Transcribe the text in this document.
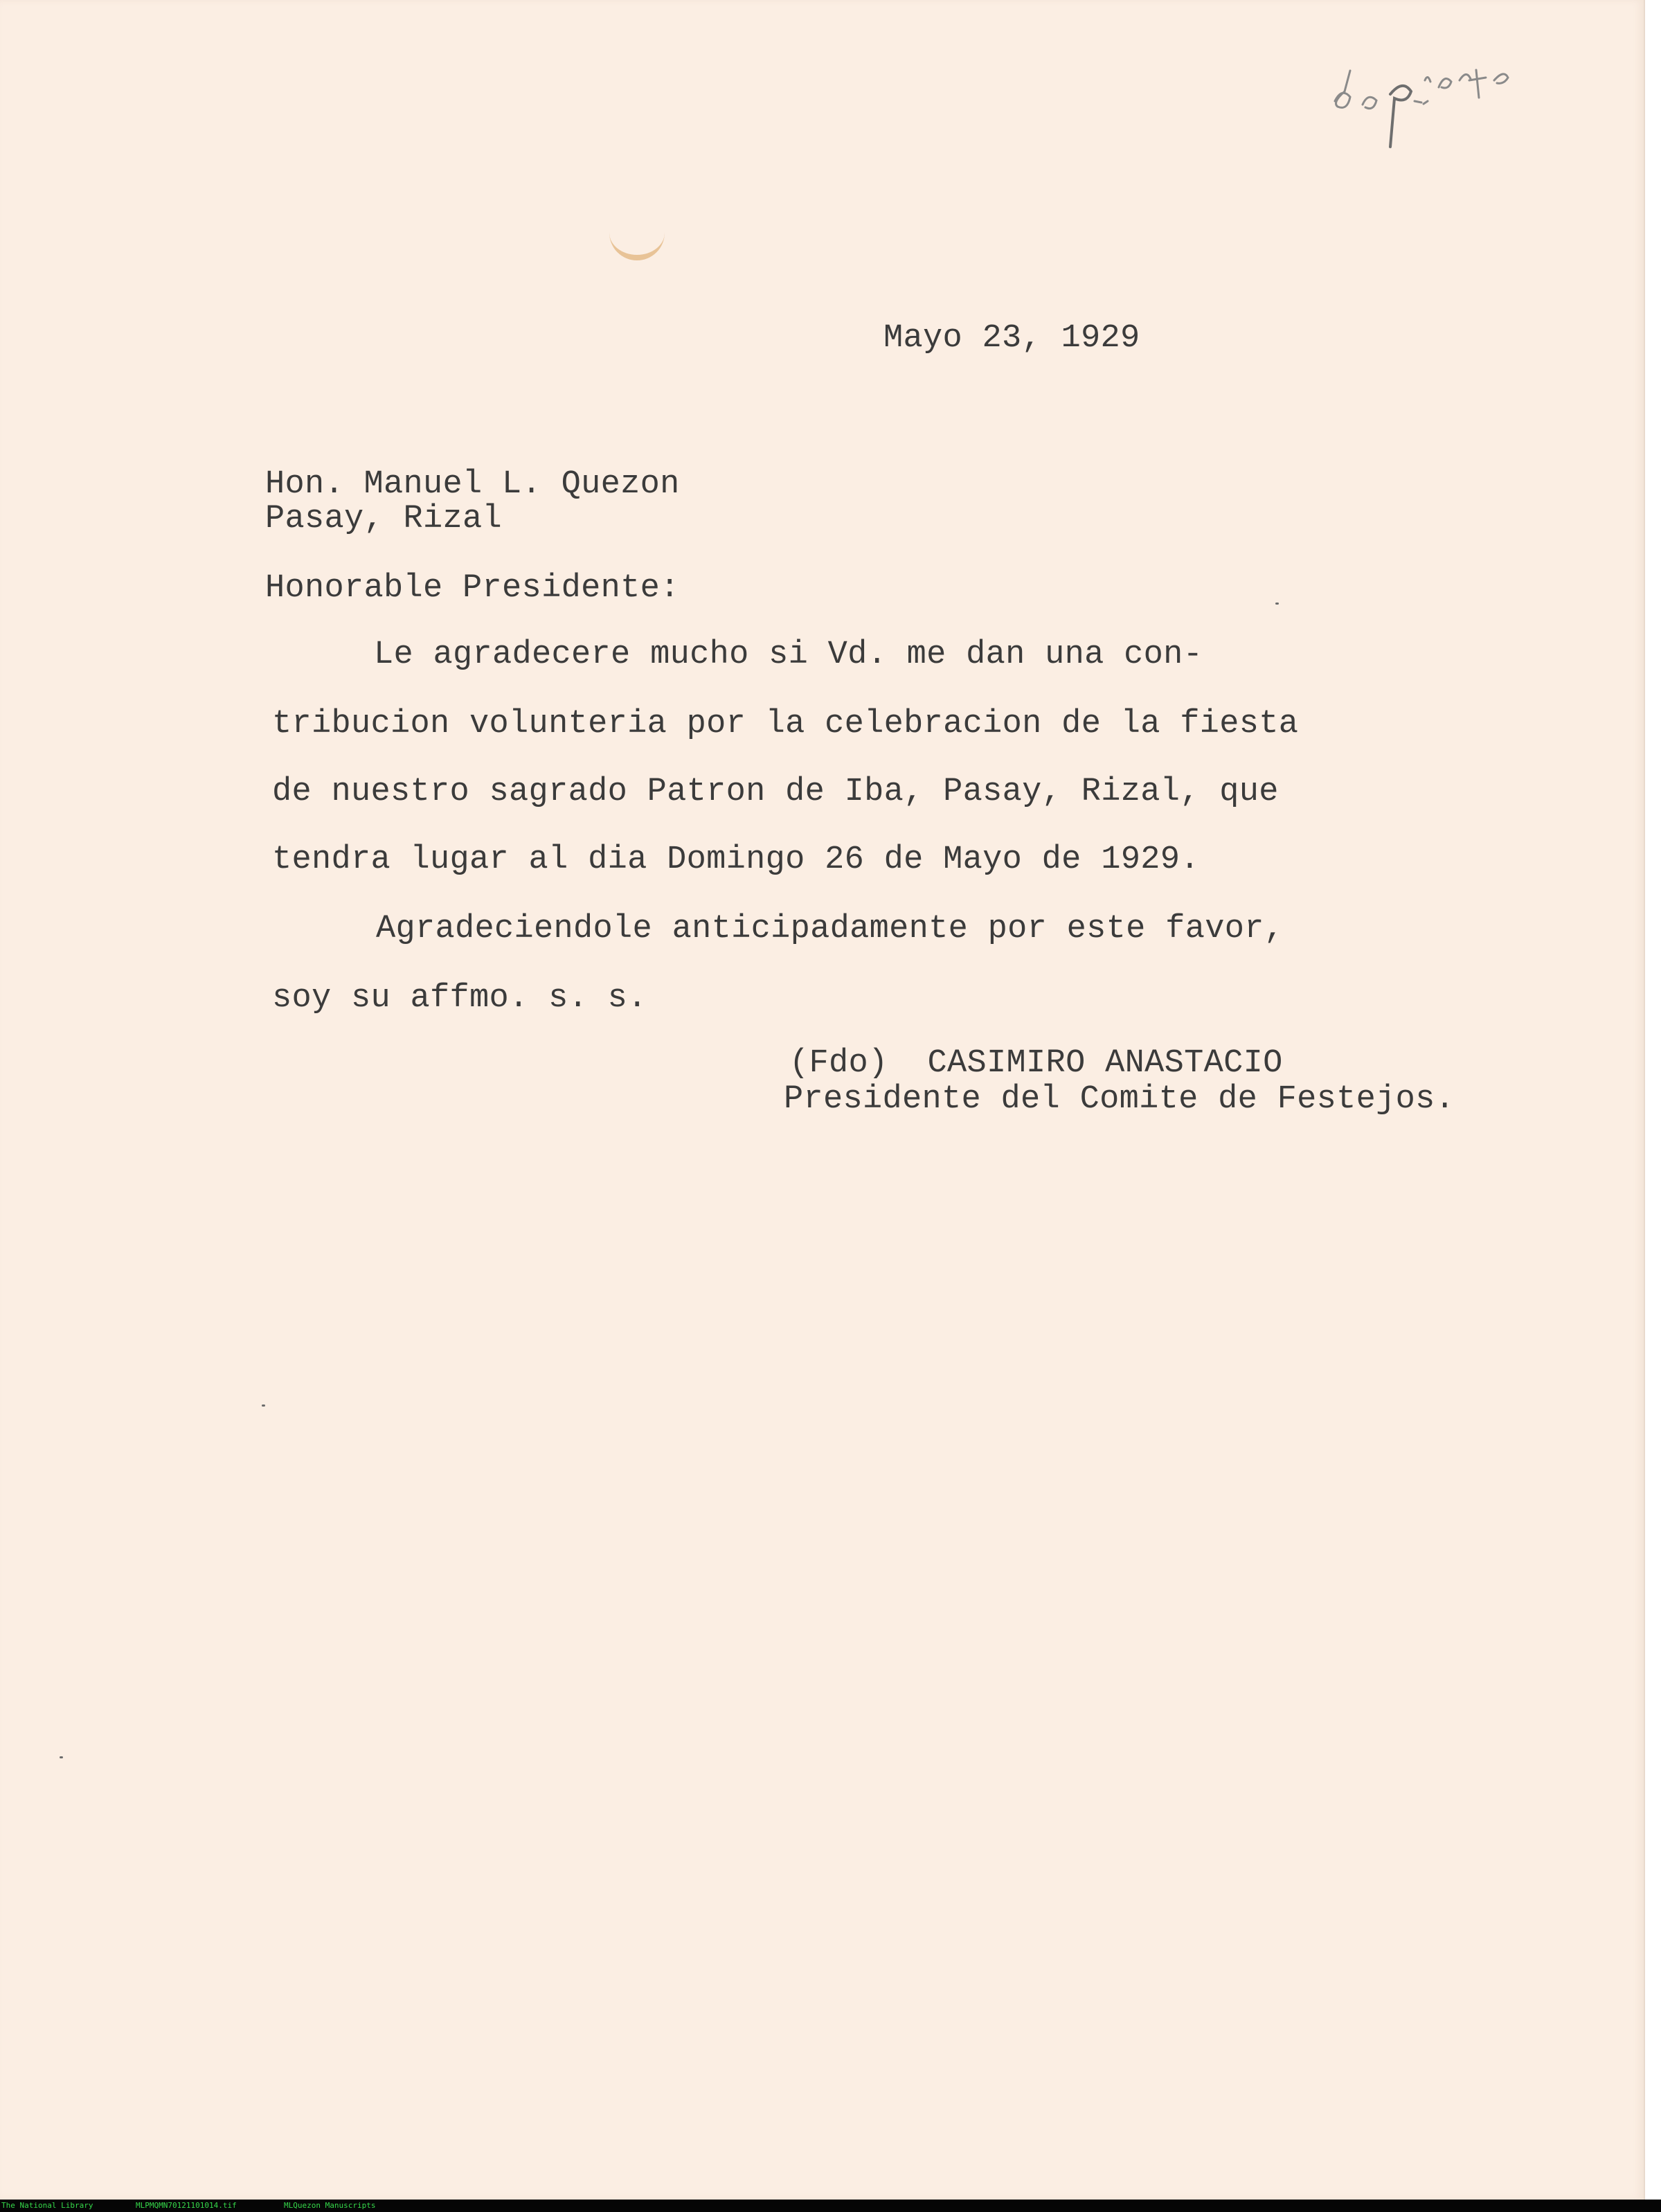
Mayo 23, 1929
Hon. Manuel L. Quezon
Pasay, Rizal
Honorable Presidente:
Le agradecere mucho si Vd. me dan una con-
tribucion volunteria por la celebracion de la fiesta
de nuestro sagrado Patron de Iba, Pasay, Rizal, que
tendra lugar al dia Domingo 26 de Mayo de 1929.
Agradeciendole anticipadamente por este favor,
soy su affmo. s. s.
(Fdo)  CASIMIRO ANASTACIO
Presidente del Comite de Festejos.
The National Library	MLPMQMN70121101014.tif	MLQuezon Manuscripts
